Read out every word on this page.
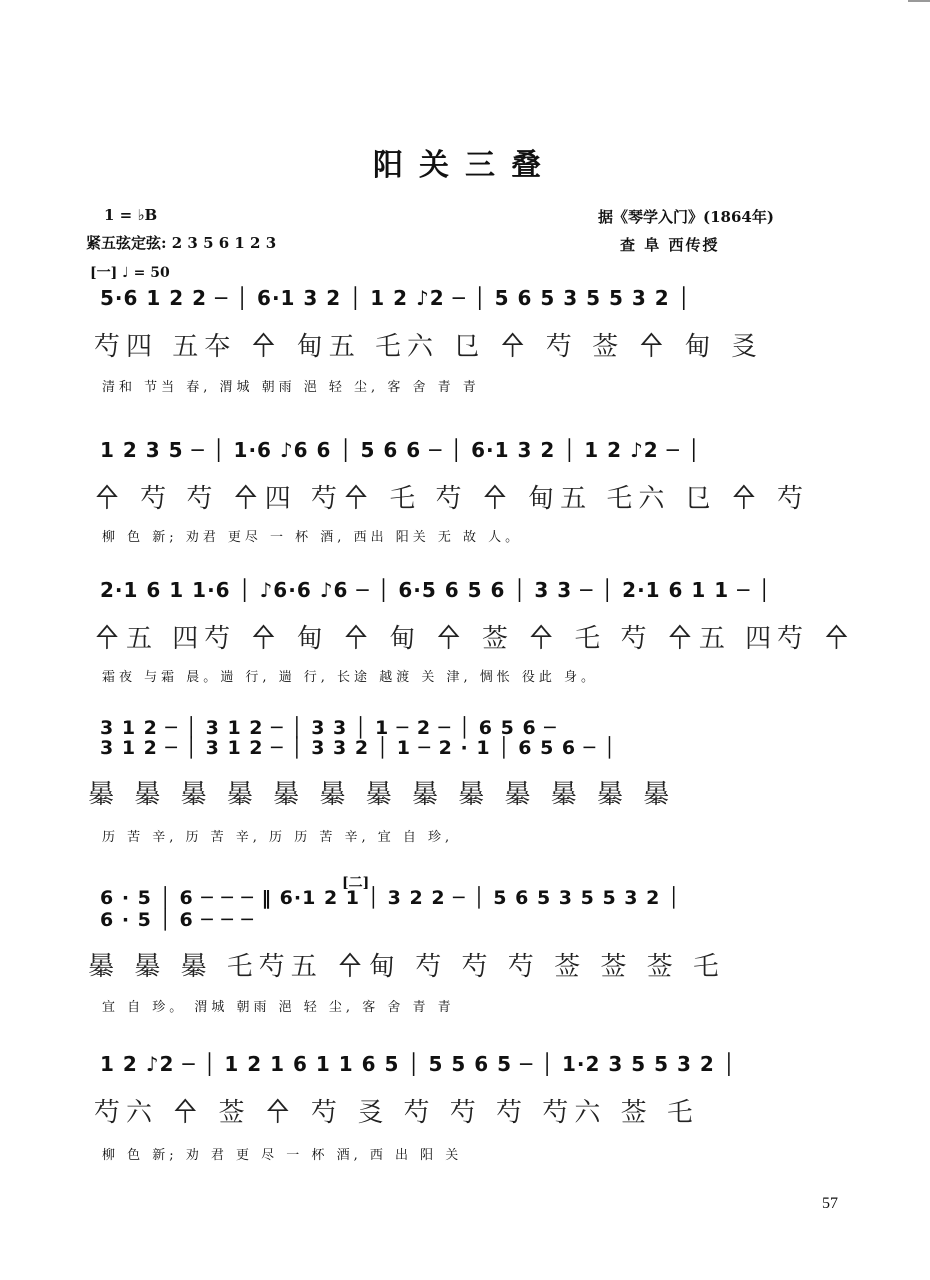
阳关三叠
1 = ♭B
紧五弦定弦: 2 3 5 6 1 2 3
[一] ♩ = 50
据《琴学入门》(1864年)
查 阜 西传授
5·6 1 2 2 ─ │ 6·1 3 2 │ 1 2 ♪2 ─ │ 5 6 5 3 5 5 3 2 │
芍四 五夲 㐃 甸五 乇六 㔾 㐃 芍 莶 㐃 甸 㕛
清和 节当 春, 渭城 朝雨 浥 轻 尘, 客 舍 青 青
1 2 3 5 ─ │ 1·6 ♪6 6 │ 5 6 6 ─ │ 6·1 3 2 │ 1 2 ♪2 ─ │
㐃 芍 芍 㐃四 芍㐃 乇 芍 㐃 甸五 乇六 㔾 㐃 芍
柳 色 新; 劝君 更尽 一 杯 酒, 西出 阳关 无 故 人。
2·1 6 1 1·6 │ ♪6·6 ♪6 ─ │ 6·5 6 5 6 │ 3 3 ─ │ 2·1 6 1 1 ─ │
㐃五 四芍 㐃 甸 㐃 甸 㐃 莶 㐃 乇 芍 㐃五 四芍 㐃
霜夜 与霜 晨。遄 行, 遄 行, 长途 越渡 关 津, 惆怅 役此 身。
3 1 2 ─ │ 3 1 2 ─ │ 3 3 │ 1 ─ 2 ─ │ 6 5 6 ─
3 1 2 ─ │ 3 1 2 ─ │ 3 3 2 │ 1 ─ 2 · 1 │ 6 5 6 ─ │
曓 曓 曓 曓 曓 曓 曓 曓 曓 曓 曓 曓 曓
历 苦 辛, 历 苦 辛, 历 历 苦 辛, 宜 自 珍,
[二]
6 · 5 │ 6 ─ ─ ─ ‖ 6·1 2 1 │ 3 2 2 ─ │ 5 6 5 3 5 5 3 2 │
6 · 5 │ 6 ─ ─ ─
曓 曓 曓 乇芍五 㐃甸 芍 芍 芍 莶 莶 莶 乇
宜 自 珍。 渭城 朝雨 浥 轻 尘, 客 舍 青 青
1 2 ♪2 ─ │ 1 2 1 6 1 1 6 5 │ 5 5 6 5 ─ │ 1·2 3 5 5 3 2 │
芍六 㐃 莶 㐃 芍 㕛 芍 芍 芍 芍六 莶 乇
柳 色 新; 劝 君 更 尽 一 杯 酒, 西 出 阳 关
57
